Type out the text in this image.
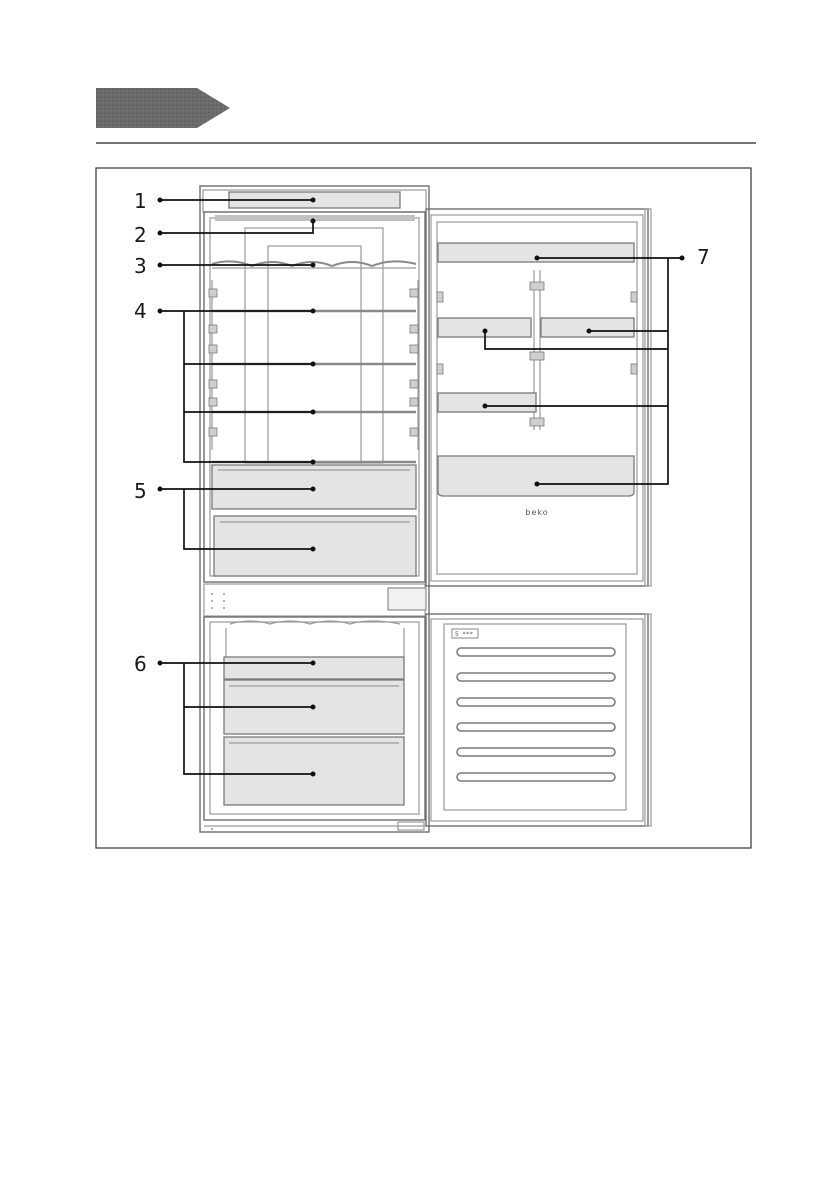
beko
5 ***
1
2
3
4
5
6
7
